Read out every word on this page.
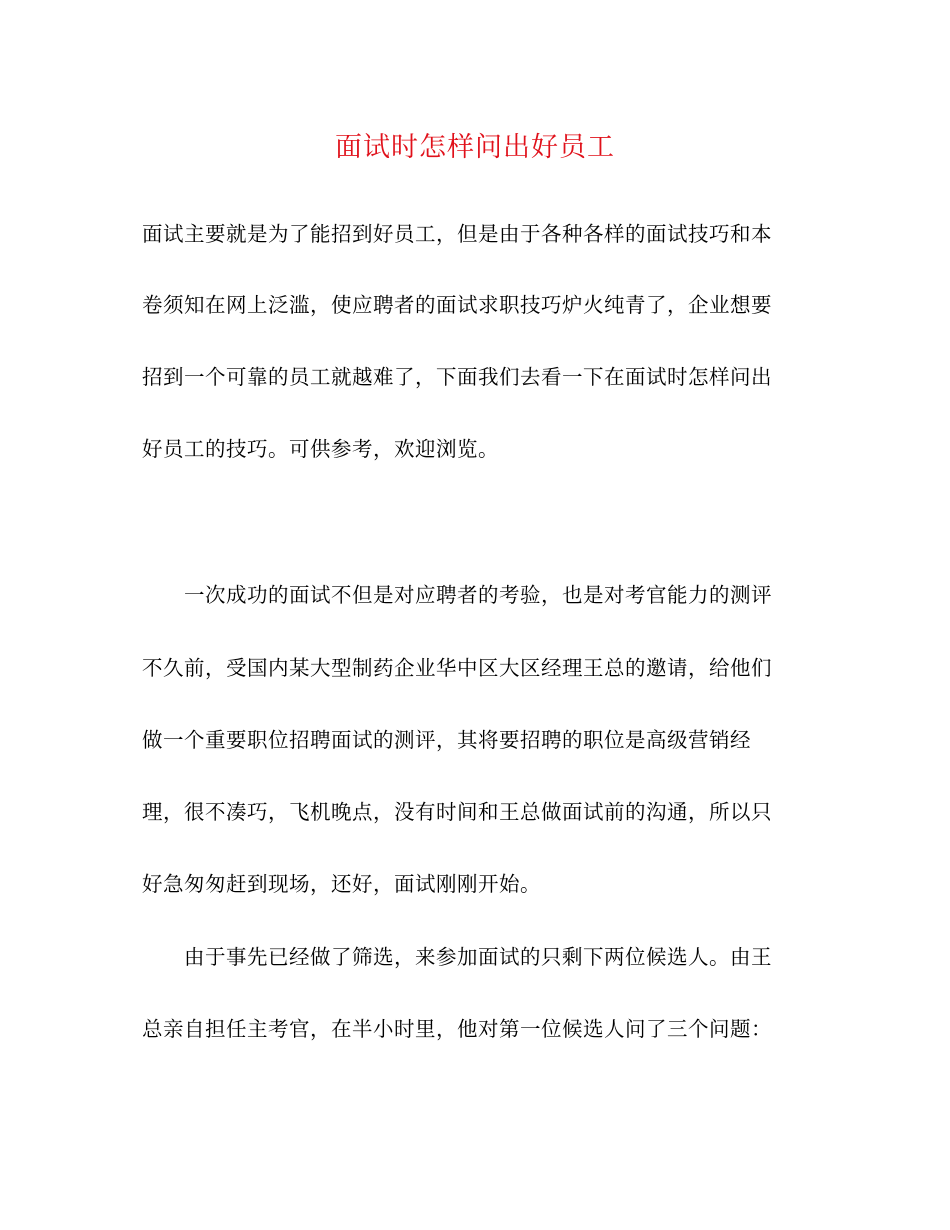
面试时怎样问出好员工
面试主要就是为了能招到好员工，但是由于各种各样的面试技巧和本
卷须知在网上泛滥，使应聘者的面试求职技巧炉火纯青了，企业想要
招到一个可靠的员工就越难了，下面我们去看一下在面试时怎样问出
好员工的技巧。可供参考，欢迎浏览。
一次成功的面试不但是对应聘者的考验，也是对考官能力的测评
不久前，受国内某大型制药企业华中区大区经理王总的邀请，给他们
做一个重要职位招聘面试的测评，其将要招聘的职位是高级营销经
理，很不凑巧，飞机晚点，没有时间和王总做面试前的沟通，所以只
好急匆匆赶到现场，还好，面试刚刚开始。
由于事先已经做了筛选，来参加面试的只剩下两位候选人。由王
总亲自担任主考官，在半小时里，他对第一位候选人问了三个问题：
